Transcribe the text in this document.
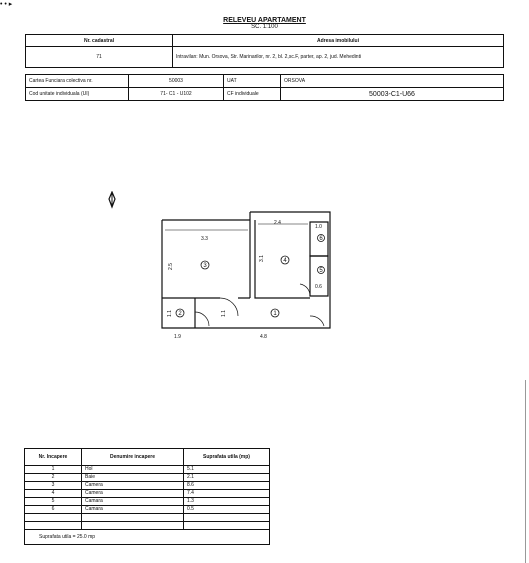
• • ▸
RELEVEU APARTAMENT
SC. 1:100
Nr. cadastral	Adresa imobilului
71	Intravilan: Mun. Orsova, Str. Marinarilor, nr. 2, bl. 2,sc.F, parter, ap. 2, jud. Mehedinti
Cartea Funciara colectiva nr.	50003	UAT	ORSOVA
Cod unitate individuala (UI)	71- C1 - U102	CF individuale	50003-C1-U66
3.3
2.4
2.5
3.1
1.1	1.1
1.9	4.8
0.6
1.0
1
2
3
4
5
6
Nr. Incapere	Denumire incapere	Suprafata utila (mp)
1	Hol	5.1
2	Baie	2.1
3	Camera	8.6
4	Camera	7.4
5	Camara	1.3
6	Camara	0.5

Suprafata utila = 25.0 mp		
